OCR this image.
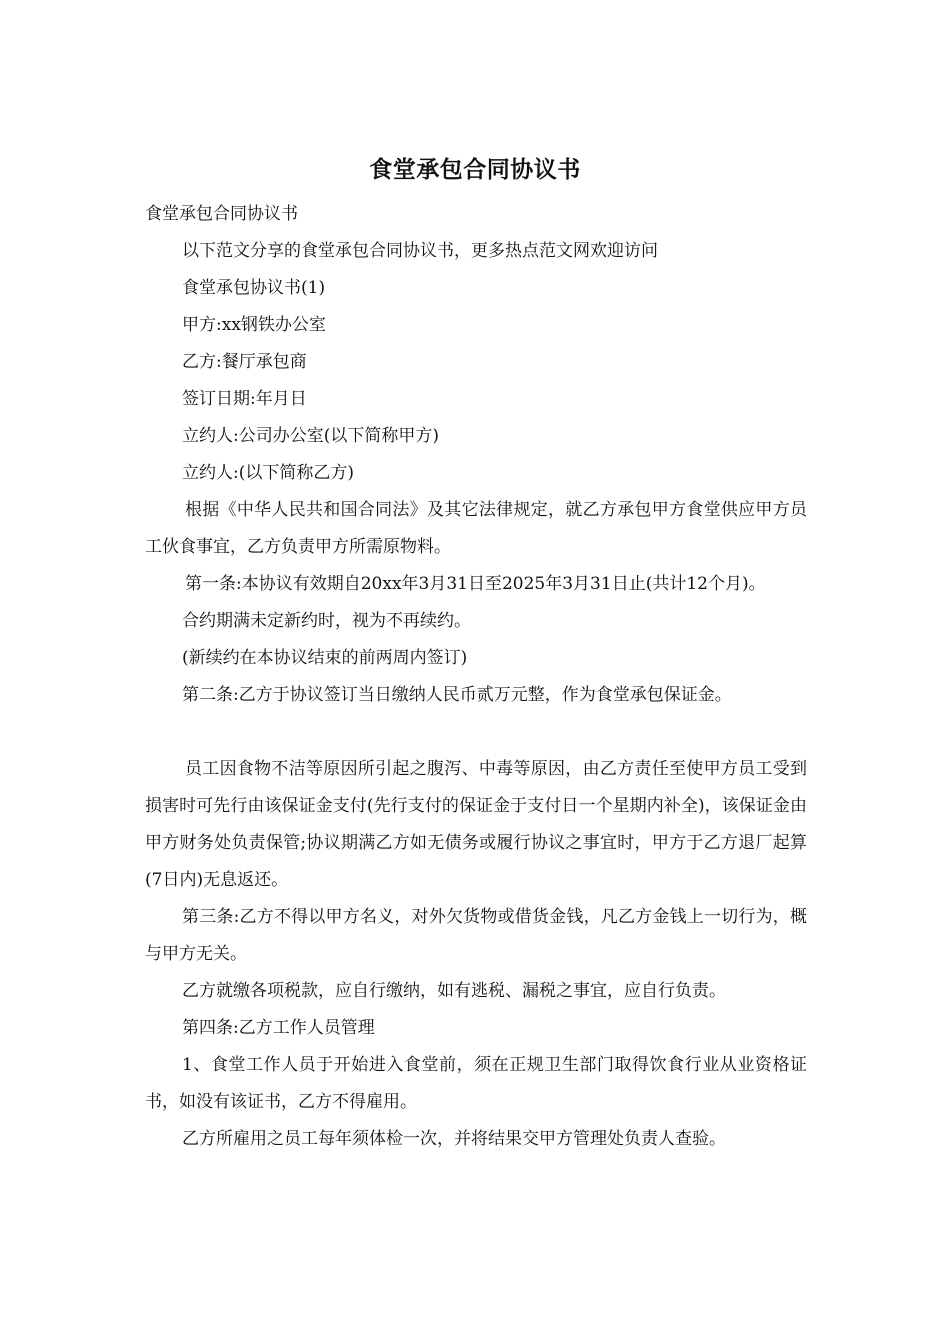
食堂承包合同协议书

食堂承包合同协议书

以下范文分享的食堂承包合同协议书，更多热点范文网欢迎访问

食堂承包协议书(1)

甲方:xx钢铁办公室

乙方:餐厅承包商

签订日期:年月日

立约人:公司办公室(以下简称甲方)

立约人:(以下简称乙方)

根据《中华人民共和国合同法》及其它法律规定，就乙方承包甲方食堂供应甲方员工伙食事宜，乙方负责甲方所需原物料。

第一条:本协议有效期自20xx年3月31日至2025年3月31日止(共计12个月)。

合约期满未定新约时，视为不再续约。

(新续约在本协议结束的前两周内签订)

第二条:乙方于协议签订当日缴纳人民币贰万元整，作为食堂承包保证金。

员工因食物不洁等原因所引起之腹泻、中毒等原因，由乙方责任至使甲方员工受到损害时可先行由该保证金支付(先行支付的保证金于支付日一个星期内补全)，该保证金由甲方财务处负责保管;协议期满乙方如无债务或履行协议之事宜时，甲方于乙方退厂起算(7日内)无息返还。

第三条:乙方不得以甲方名义，对外欠货物或借货金钱，凡乙方金钱上一切行为，概与甲方无关。

乙方就缴各项税款，应自行缴纳，如有逃税、漏税之事宜，应自行负责。

第四条:乙方工作人员管理

1、食堂工作人员于开始进入食堂前，须在正规卫生部门取得饮食行业从业资格证书，如没有该证书，乙方不得雇用。

乙方所雇用之员工每年须体检一次，并将结果交甲方管理处负责人查验。
